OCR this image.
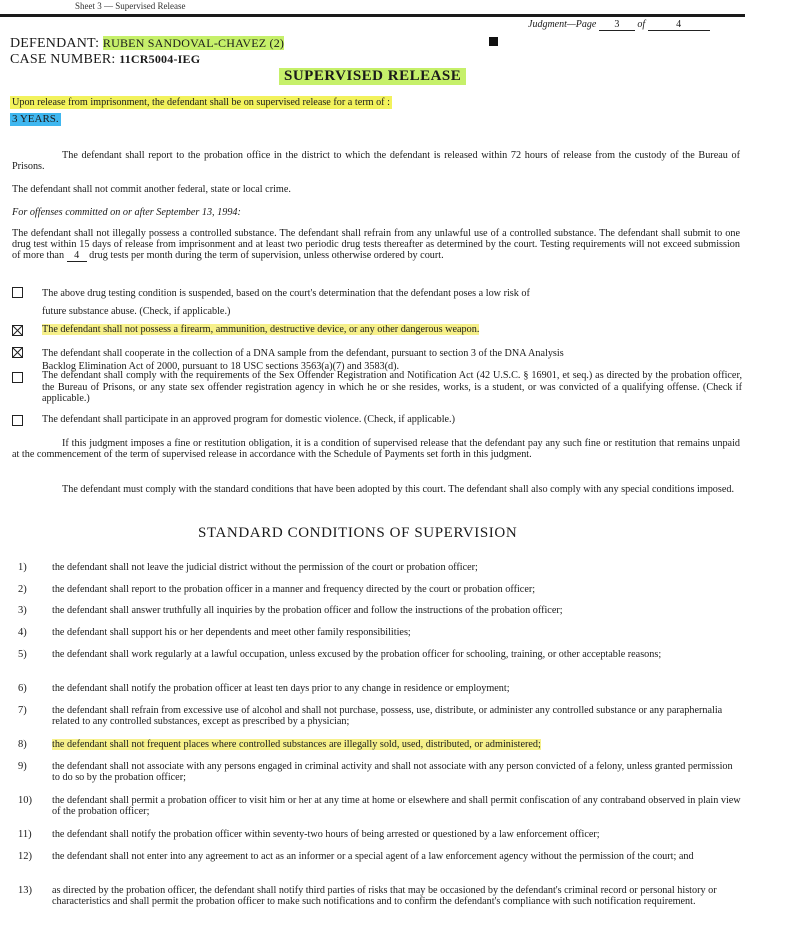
Sheet 3 — Supervised Release
Judgment—Page 3 of	4
DEFENDANT: RUBEN SANDOVAL-CHAVEZ (2)
CASE NUMBER: 11CR5004-IEG
SUPERVISED RELEASE
Upon release from imprisonment, the defendant shall be on supervised release for a term of :
3 YEARS.
The defendant shall report to the probation office in the district to which the defendant is released within 72 hours of release from the custody of the Bureau of Prisons.
The defendant shall not commit another federal, state or local crime.
For offenses committed on or after September 13, 1994:
The defendant shall not illegally possess a controlled substance. The defendant shall refrain from any unlawful use of a controlled substance. The defendant shall submit to one drug test within 15 days of release from imprisonment and at least two periodic drug tests thereafter as determined by the court. Testing requirements will not exceed submission of more than 4 drug tests per month during the term of supervision, unless otherwise ordered by court.
The above drug testing condition is suspended, based on the court's determination that the defendant poses a low risk of
future substance abuse. (Check, if applicable.)
The defendant shall not possess a firearm, ammunition, destructive device, or any other dangerous weapon.
The defendant shall cooperate in the collection of a DNA sample from the defendant, pursuant to section 3 of the DNA Analysis
Backlog Elimination Act of 2000, pursuant to 18 USC sections 3563(a)(7) and 3583(d).
The defendant shall comply with the requirements of the Sex Offender Registration and Notification Act (42 U.S.C. § 16901, et seq.) as directed by the probation officer, the Bureau of Prisons, or any state sex offender registration agency in which he or she resides, works, is a student, or was convicted of a qualifying offense. (Check if applicable.)
The defendant shall participate in an approved program for domestic violence. (Check, if applicable.)
If this judgment imposes a fine or restitution obligation, it is a condition of supervised release that the defendant pay any such fine or restitution that remains unpaid at the commencement of the term of supervised release in accordance with the Schedule of Payments set forth in this judgment.
The defendant must comply with the standard conditions that have been adopted by this court. The defendant shall also comply with any special conditions imposed.
STANDARD CONDITIONS OF SUPERVISION
1) the defendant shall not leave the judicial district without the permission of the court or probation officer;
2) the defendant shall report to the probation officer in a manner and frequency directed by the court or probation officer;
3) the defendant shall answer truthfully all inquiries by the probation officer and follow the instructions of the probation officer;
4) the defendant shall support his or her dependents and meet other family responsibilities;
5) the defendant shall work regularly at a lawful occupation, unless excused by the probation officer for schooling, training, or other acceptable reasons;
6) the defendant shall notify the probation officer at least ten days prior to any change in residence or employment;
7) the defendant shall refrain from excessive use of alcohol and shall not purchase, possess, use, distribute, or administer any controlled substance or any paraphernalia related to any controlled substances, except as prescribed by a physician;
8) the defendant shall not frequent places where controlled substances are illegally sold, used, distributed, or administered;
9) the defendant shall not associate with any persons engaged in criminal activity and shall not associate with any person convicted of a felony, unless granted permission to do so by the probation officer;
10) the defendant shall permit a probation officer to visit him or her at any time at home or elsewhere and shall permit confiscation of any contraband observed in plain view of the probation officer;
11) the defendant shall notify the probation officer within seventy-two hours of being arrested or questioned by a law enforcement officer;
12) the defendant shall not enter into any agreement to act as an informer or a special agent of a law enforcement agency without the permission of the court; and
13) as directed by the probation officer, the defendant shall notify third parties of risks that may be occasioned by the defendant's criminal record or personal history or characteristics and shall permit the probation officer to make such notifications and to confirm the defendant's compliance with such notification requirement.
